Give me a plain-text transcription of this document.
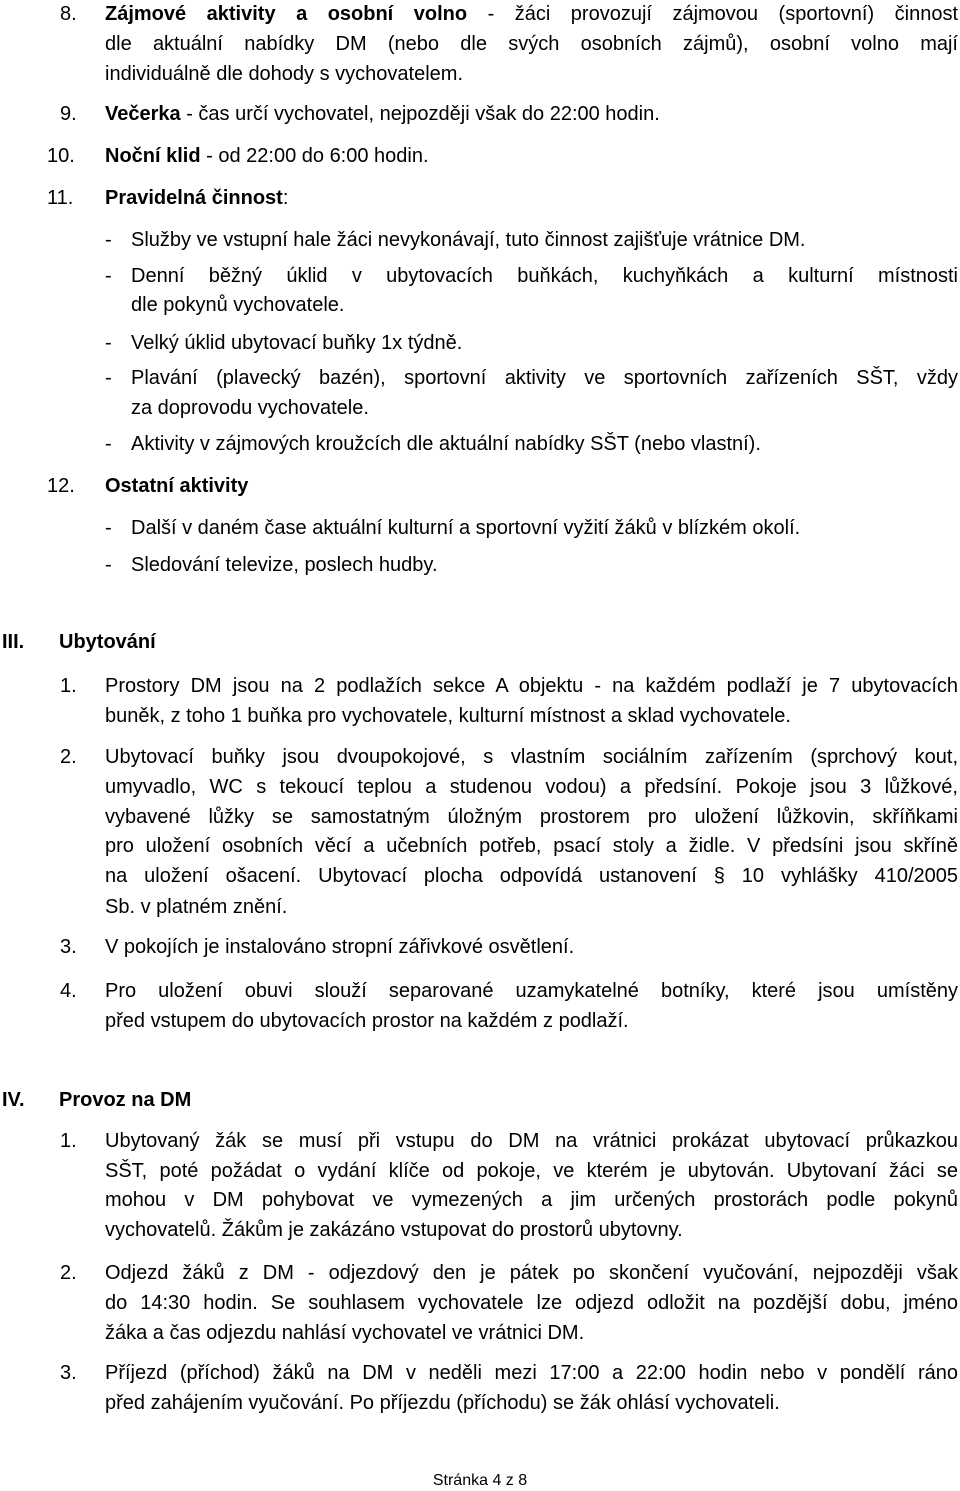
8. Zájmové aktivity a osobní volno - žáci provozují zájmovou (sportovní) činnost
dle aktuální nabídky DM (nebo dle svých osobních zájmů), osobní volno mají
individuálně dle dohody s vychovatelem.
9. Večerka - čas určí vychovatel, nejpozději však do 22:00 hodin.
10. Noční klid - od 22:00 do 6:00 hodin.
11. Pravidelná činnost:
- Služby ve vstupní hale žáci nevykonávají, tuto činnost zajišťuje vrátnice DM.
- Denní běžný úklid v ubytovacích buňkách, kuchyňkách a kulturní místnosti
dle pokynů vychovatele.
- Velký úklid ubytovací buňky 1x týdně.
- Plavání (plavecký bazén), sportovní aktivity ve sportovních zařízeních SŠT, vždy
za doprovodu vychovatele.
- Aktivity v zájmových kroužcích dle aktuální nabídky SŠT (nebo vlastní).
12. Ostatní aktivity
- Další v daném čase aktuální kulturní a sportovní vyžití žáků v blízkém okolí.
- Sledování televize, poslech hudby.
III. Ubytování
1. Prostory DM jsou na 2 podlažích sekce A objektu - na každém podlaží je 7 ubytovacích
buněk, z toho 1 buňka pro vychovatele, kulturní místnost a sklad vychovatele.
2. Ubytovací buňky jsou dvoupokojové, s vlastním sociálním zařízením (sprchový kout,
umyvadlo, WC s tekoucí teplou a studenou vodou) a předsíní. Pokoje jsou 3 lůžkové,
vybavené lůžky se samostatným úložným prostorem pro uložení lůžkovin, skříňkami
pro uložení osobních věcí a učebních potřeb, psací stoly a židle. V předsíni jsou skříně
na uložení ošacení. Ubytovací plocha odpovídá ustanovení § 10 vyhlášky 410/2005
Sb. v platném znění.
3. V pokojích je instalováno stropní zářivkové osvětlení.
4. Pro uložení obuvi slouží separované uzamykatelné botníky, které jsou umístěny
před vstupem do ubytovacích prostor na každém z podlaží.
IV. Provoz na DM
1. Ubytovaný žák se musí při vstupu do DM na vrátnici prokázat ubytovací průkazkou
SŠT, poté požádat o vydání klíče od pokoje, ve kterém je ubytován. Ubytovaní žáci se
mohou v DM pohybovat ve vymezených a jim určených prostorách podle pokynů
vychovatelů. Žákům je zakázáno vstupovat do prostorů ubytovny.
2. Odjezd žáků z DM - odjezdový den je pátek po skončení vyučování, nejpozději však
do 14:30 hodin. Se souhlasem vychovatele lze odjezd odložit na pozdější dobu, jméno
žáka a čas odjezdu nahlásí vychovatel ve vrátnici DM.
3. Příjezd (příchod) žáků na DM v neděli mezi 17:00 a 22:00 hodin nebo v pondělí ráno
před zahájením vyučování. Po příjezdu (příchodu) se žák ohlásí vychovateli.
Stránka 4 z 8
